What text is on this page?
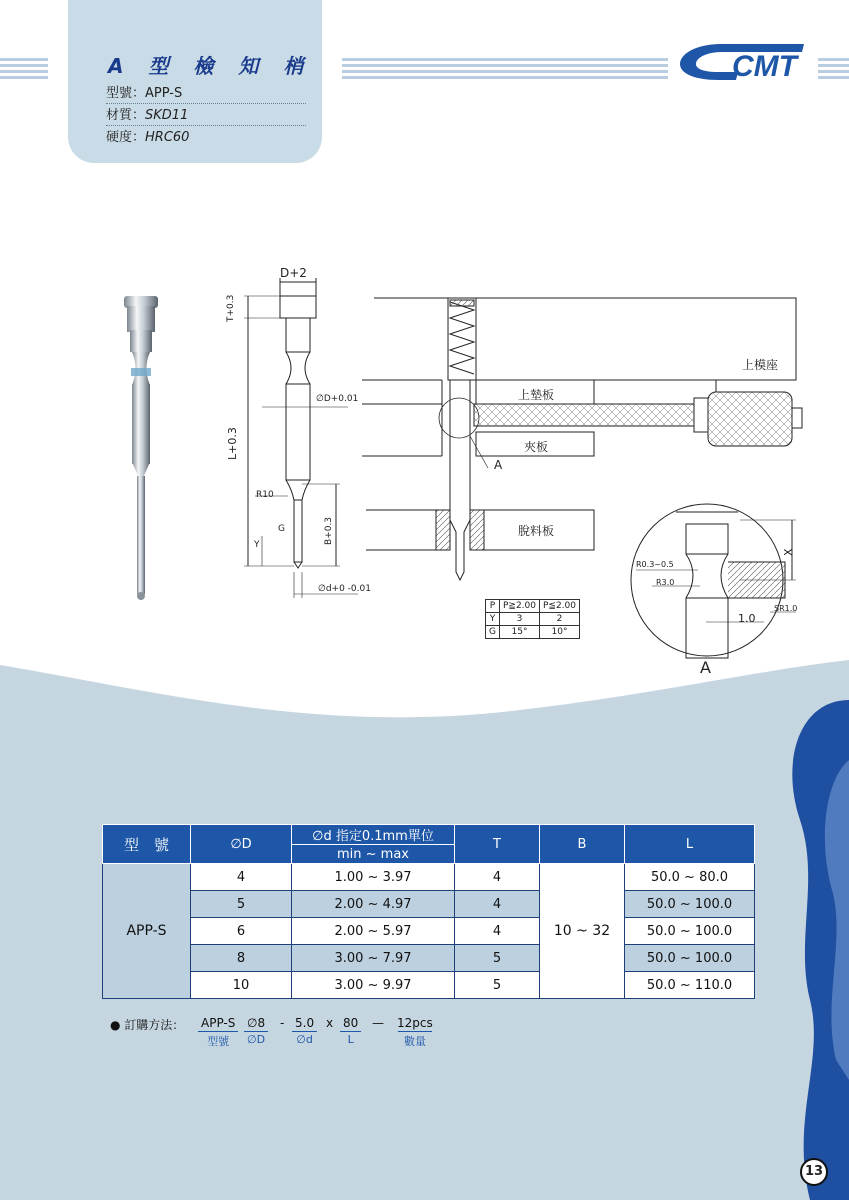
A 型 檢 知 梢
型號：APP-S
材質：SKD11
硬度：HRC60
CMT
D+2
T+0.3
L+0.3
∅D+0.01
R10
G
Y	B+0.3
∅d+0 -0.01
上模座
上墊板
夾板
A
脫料板
R0.3~0.5
R3.0
X
1.0
SR1.0
A
P	P≧2.00	P≦2.00
Y	3	2
G	15°	10°
型　號	∅D	∅d 指定0.1mm單位	T	B	L
		min ~ max			
APP-S	4	1.00 ~ 3.97	4	10 ~ 32	50.0 ~ 80.0
	5	2.00 ~ 4.97	4		50.0 ~ 100.0
	6	2.00 ~ 5.97	4		50.0 ~ 100.0
	8	3.00 ~ 7.97	5		50.0 ~ 100.0
	10	3.00 ~ 9.97	5		50.0 ~ 110.0
● 訂購方法： APP-S
型號
∅8
∅D
- 5.0
∅d
x 80
L
— 12pcs
數量
13
